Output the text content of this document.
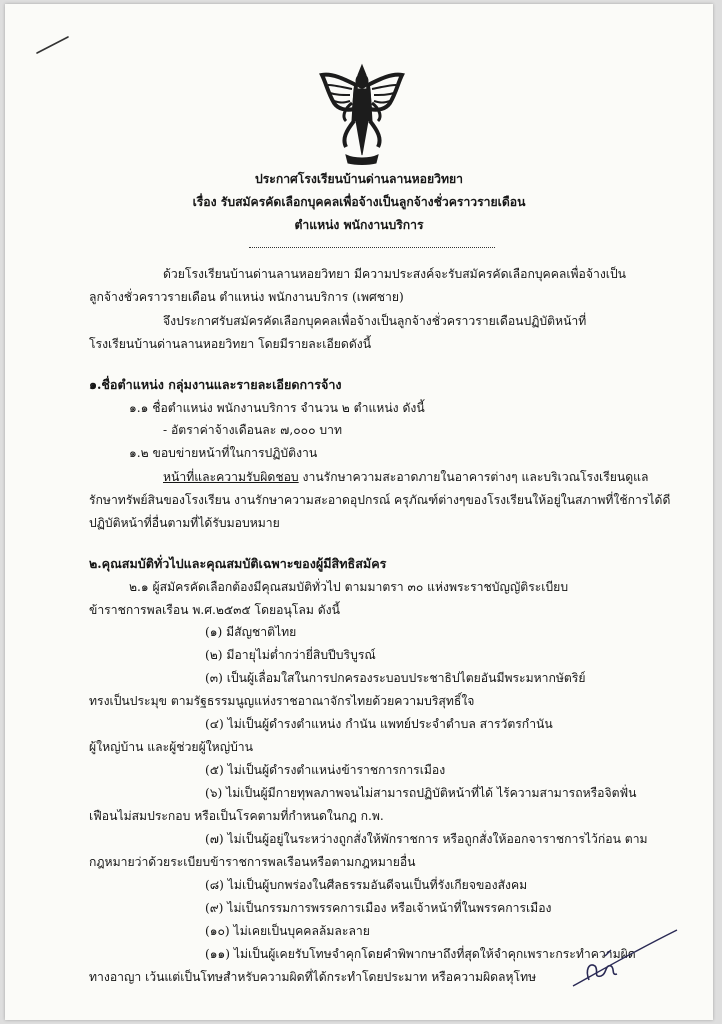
ประกาศโรงเรียนบ้านด่านลานหอยวิทยา
เรื่อง รับสมัครคัดเลือกบุคคลเพื่อจ้างเป็นลูกจ้างชั่วคราวรายเดือน
ตำแหน่ง พนักงานบริการ
ด้วยโรงเรียนบ้านด่านลานหอยวิทยา มีความประสงค์จะรับสมัครคัดเลือกบุคคลเพื่อจ้างเป็น
ลูกจ้างชั่วคราวรายเดือน ตำแหน่ง พนักงานบริการ (เพศชาย)
จึงประกาศรับสมัครคัดเลือกบุคคลเพื่อจ้างเป็นลูกจ้างชั่วคราวรายเดือนปฏิบัติหน้าที่
โรงเรียนบ้านด่านลานหอยวิทยา โดยมีรายละเอียดดังนี้
๑.ชื่อตำแหน่ง กลุ่มงานและรายละเอียดการจ้าง
๑.๑ ชื่อตำแหน่ง พนักงานบริการ จำนวน ๒ ตำแหน่ง ดังนี้
- อัตราค่าจ้างเดือนละ ๗,๐๐๐ บาท
๑.๒ ขอบข่ายหน้าที่ในการปฏิบัติงาน
หน้าที่และความรับผิดชอบ งานรักษาความสะอาดภายในอาคารต่างๆ และบริเวณโรงเรียนดูแล
รักษาทรัพย์สินของโรงเรียน งานรักษาความสะอาดอุปกรณ์ ครุภัณฑ์ต่างๆของโรงเรียนให้อยู่ในสภาพที่ใช้การได้ดี
ปฏิบัติหน้าที่อื่นตามที่ได้รับมอบหมาย
๒.คุณสมบัติทั่วไปและคุณสมบัติเฉพาะของผู้มีสิทธิสมัคร
๒.๑ ผู้สมัครคัดเลือกต้องมีคุณสมบัติทั่วไป ตามมาตรา ๓๐ แห่งพระราชบัญญัติระเบียบ
ข้าราชการพลเรือน พ.ศ.๒๕๓๕ โดยอนุโลม ดังนี้
(๑) มีสัญชาติไทย
(๒) มีอายุไม่ต่ำกว่ายี่สิบปีบริบูรณ์
(๓) เป็นผู้เลื่อมใสในการปกครองระบอบประชาธิปไตยอันมีพระมหากษัตริย์
ทรงเป็นประมุข ตามรัฐธรรมนูญแห่งราชอาณาจักรไทยด้วยความบริสุทธิ์ใจ
(๔) ไม่เป็นผู้ดำรงตำแหน่ง กำนัน แพทย์ประจำตำบล สารวัตรกำนัน
ผู้ใหญ่บ้าน และผู้ช่วยผู้ใหญ่บ้าน
(๕) ไม่เป็นผู้ดำรงตำแหน่งข้าราชการการเมือง
(๖) ไม่เป็นผู้มีกายทุพลภาพจนไม่สามารถปฏิบัติหน้าที่ได้ ไร้ความสามารถหรือจิตฟั่น
เฟือนไม่สมประกอบ หรือเป็นโรคตามที่กำหนดในกฎ ก.พ.
(๗) ไม่เป็นผู้อยู่ในระหว่างถูกสั่งให้พักราชการ หรือถูกสั่งให้ออกจาราชการไว้ก่อน ตาม
กฎหมายว่าด้วยระเบียบข้าราชการพลเรือนหรือตามกฎหมายอื่น
(๘) ไม่เป็นผู้บกพร่องในศีลธรรมอันดีจนเป็นที่รังเกียจของสังคม
(๙) ไม่เป็นกรรมการพรรคการเมือง หรือเจ้าหน้าที่ในพรรคการเมือง
(๑๐) ไม่เคยเป็นบุคคลล้มละลาย
(๑๑) ไม่เป็นผู้เคยรับโทษจำคุกโดยคำพิพากษาถึงที่สุดให้จำคุกเพราะกระทำความผิด
ทางอาญา เว้นแต่เป็นโทษสำหรับความผิดที่ได้กระทำโดยประมาท หรือความผิดลหุโทษ
